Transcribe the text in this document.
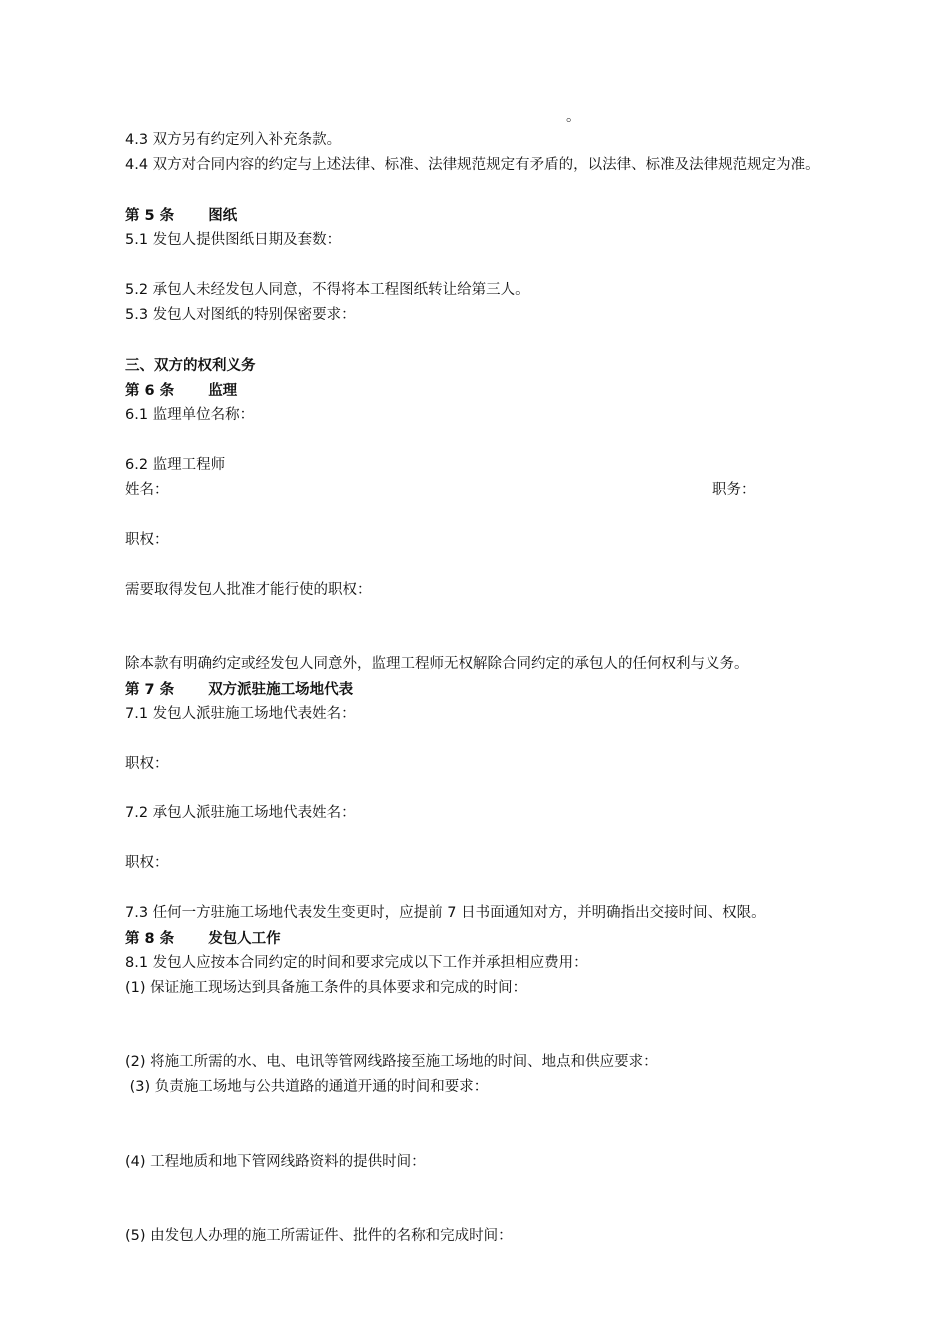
。
4.3 双方另有约定列入补充条款。
4.4 双方对合同内容的约定与上述法律、标准、法律规范规定有矛盾的，以法律、标准及法律规范规定为准。
第 5 条 图纸
5.1 发包人提供图纸日期及套数：
5.2 承包人未经发包人同意，不得将本工程图纸转让给第三人。
5.3 发包人对图纸的特别保密要求：
三、双方的权利义务
第 6 条 监理
6.1 监理单位名称：
6.2 监理工程师
姓名：	职务：
职权：
需要取得发包人批准才能行使的职权：
除本款有明确约定或经发包人同意外，监理工程师无权解除合同约定的承包人的任何权利与义务。
第 7 条 双方派驻施工场地代表
7.1 发包人派驻施工场地代表姓名：
职权：
7.2 承包人派驻施工场地代表姓名：
职权：
7.3 任何一方驻施工场地代表发生变更时，应提前 7 日书面通知对方，并明确指出交接时间、权限。
第 8 条 发包人工作
8.1 发包人应按本合同约定的时间和要求完成以下工作并承担相应费用：
(1) 保证施工现场达到具备施工条件的具体要求和完成的时间：
(2) 将施工所需的水、电、电讯等管网线路接至施工场地的时间、地点和供应要求：
(3) 负责施工场地与公共道路的通道开通的时间和要求：
(4) 工程地质和地下管网线路资料的提供时间：
(5) 由发包人办理的施工所需证件、批件的名称和完成时间：
